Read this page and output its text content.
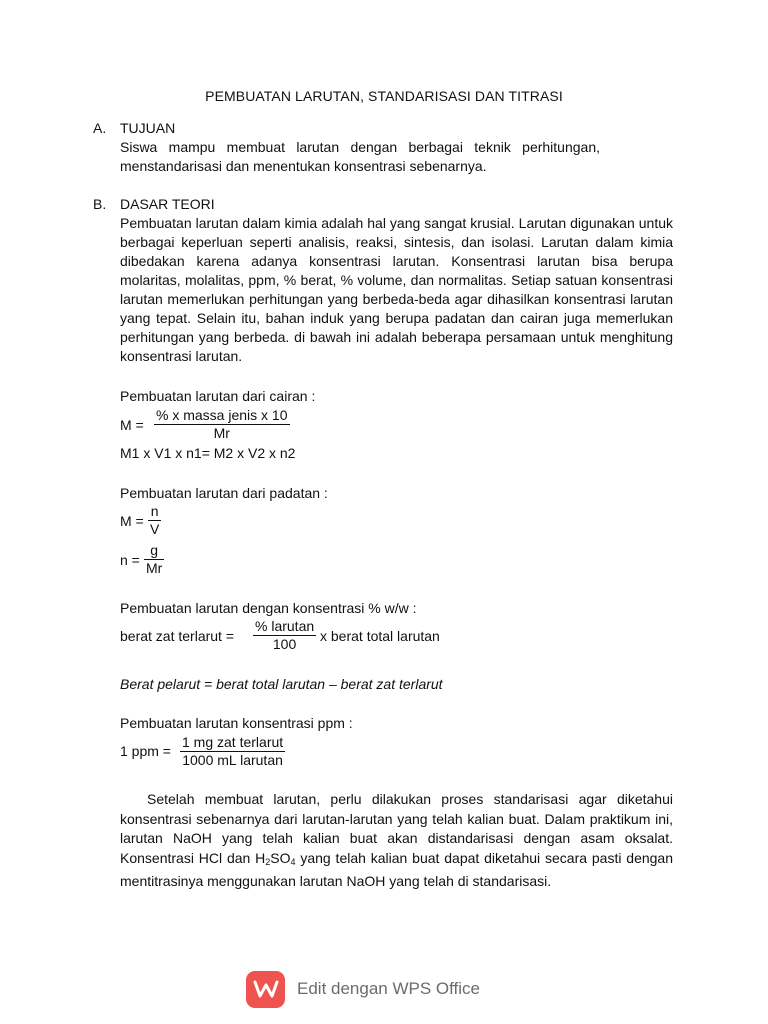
PEMBUATAN LARUTAN, STANDARISASI DAN TITRASI
A. TUJUAN
Siswa mampu membuat larutan dengan berbagai teknik perhitungan, menstandarisasi dan menentukan konsentrasi sebenarnya.
B. DASAR TEORI
Pembuatan larutan dalam kimia adalah hal yang sangat krusial. Larutan digunakan untuk berbagai keperluan seperti analisis, reaksi, sintesis, dan isolasi. Larutan dalam kimia dibedakan karena adanya konsentrasi larutan. Konsentrasi larutan bisa berupa molaritas, molalitas, ppm, % berat, % volume, dan normalitas. Setiap satuan konsentrasi larutan memerlukan perhitungan yang berbeda-beda agar dihasilkan konsentrasi larutan yang tepat. Selain itu, bahan induk yang berupa padatan dan cairan juga memerlukan perhitungan yang berbeda. di bawah ini adalah beberapa persamaan untuk menghitung konsentrasi larutan.
Pembuatan larutan dari cairan :
M =
% x massa jenis x 10
Mr
M1 x V1 x n1= M2 x V2 x n2
Pembuatan larutan dari padatan :
$M = \frac{n}{V}$
$n = \frac{g}{Mr}$
Pembuatan larutan dengan konsentrasi % w/w :
berat zat terlarut =
% larutan
100	x berat total larutan
Berat pelarut = berat total larutan – berat zat terlarut
Pembuatan larutan konsentrasi ppm :
1 ppm =
1 mg zat terlarut
1000 mL larutan
Setelah membuat larutan, perlu dilakukan proses standarisasi agar diketahui konsentrasi sebenarnya dari larutan-larutan yang telah kalian buat. Dalam praktikum ini, larutan NaOH yang telah kalian buat akan distandarisasi dengan asam oksalat. Konsentrasi HCl dan $H_2SO_4$ yang telah kalian buat dapat diketahui secara pasti dengan mentitrasinya menggunakan larutan NaOH yang telah di standarisasi.
Edit dengan WPS Office
